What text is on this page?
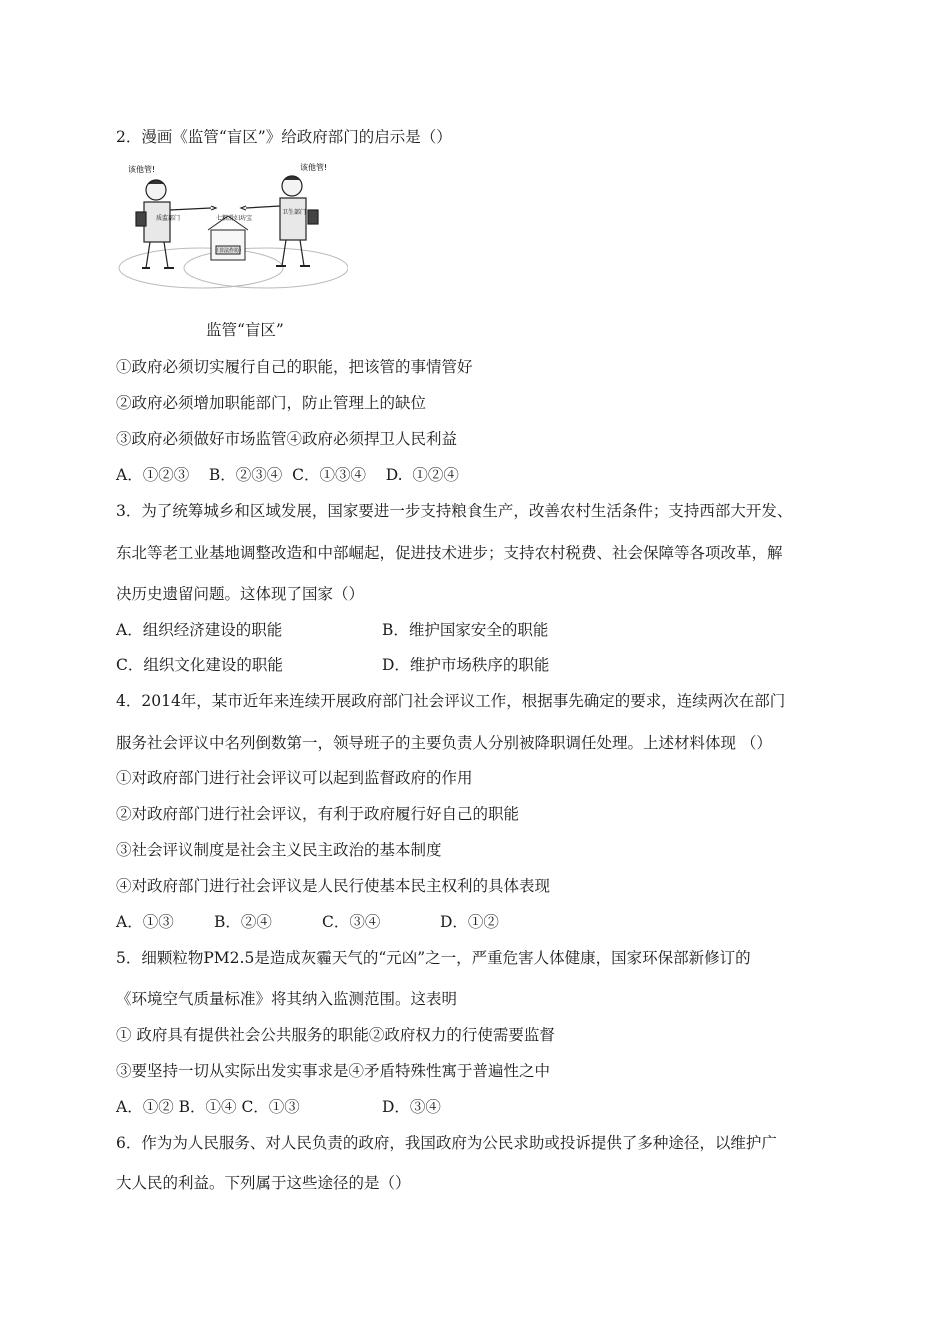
2．漫画《监管“盲区”》给政府部门的启示是（）
该他管!	该他管!
质监部门
卫生部门
七粮滑妇坊宝
（非法作坊）
监管“盲区”
①政府必须切实履行自己的职能，把该管的事情管好
②政府必须增加职能部门，防止管理上的缺位
③政府必须做好市场监管④政府必须捍卫人民利益
A．①②③    B．②③④  C．①③④    D.  ①②④
3．为了统筹城乡和区域发展，国家要进一步支持粮食生产，改善农村生活条件；支持西部大开发、
东北等老工业基地调整改造和中部崛起，促进技术进步；支持农村税费、社会保障等各项改革，解
决历史遗留问题。这体现了国家（）
A．组织经济建设的职能	B．维护国家安全的职能
C．组织文化建设的职能	D．维护市场秩序的职能
4．2014年，某市近年来连续开展政府部门社会评议工作，根据事先确定的要求，连续两次在部门
服务社会评议中名列倒数第一，领导班子的主要负责人分别被降职调任处理。上述材料体现 （）
①对政府部门进行社会评议可以起到监督政府的作用
②对政府部门进行社会评议，有利于政府履行好自己的职能
③社会评议制度是社会主义民主政治的基本制度
④对政府部门进行社会评议是人民行使基本民主权利的具体表现
A．①③	B．②④	C．③④	D．①②
5．细颗粒物PM2.5是造成灰霾天气的“元凶”之一，严重危害人体健康，国家环保部新修订的
《环境空气质量标准》将其纳入监测范围。这表明
① 政府具有提供社会公共服务的职能②政府权力的行使需要监督
③要坚持一切从实际出发实事求是④矛盾特殊性寓于普遍性之中
A．①② B．①④ C．①③	D．③④
6．作为为人民服务、对人民负责的政府，我国政府为公民求助或投诉提供了多种途径，以维护广
大人民的利益。下列属于这些途径的是（）
